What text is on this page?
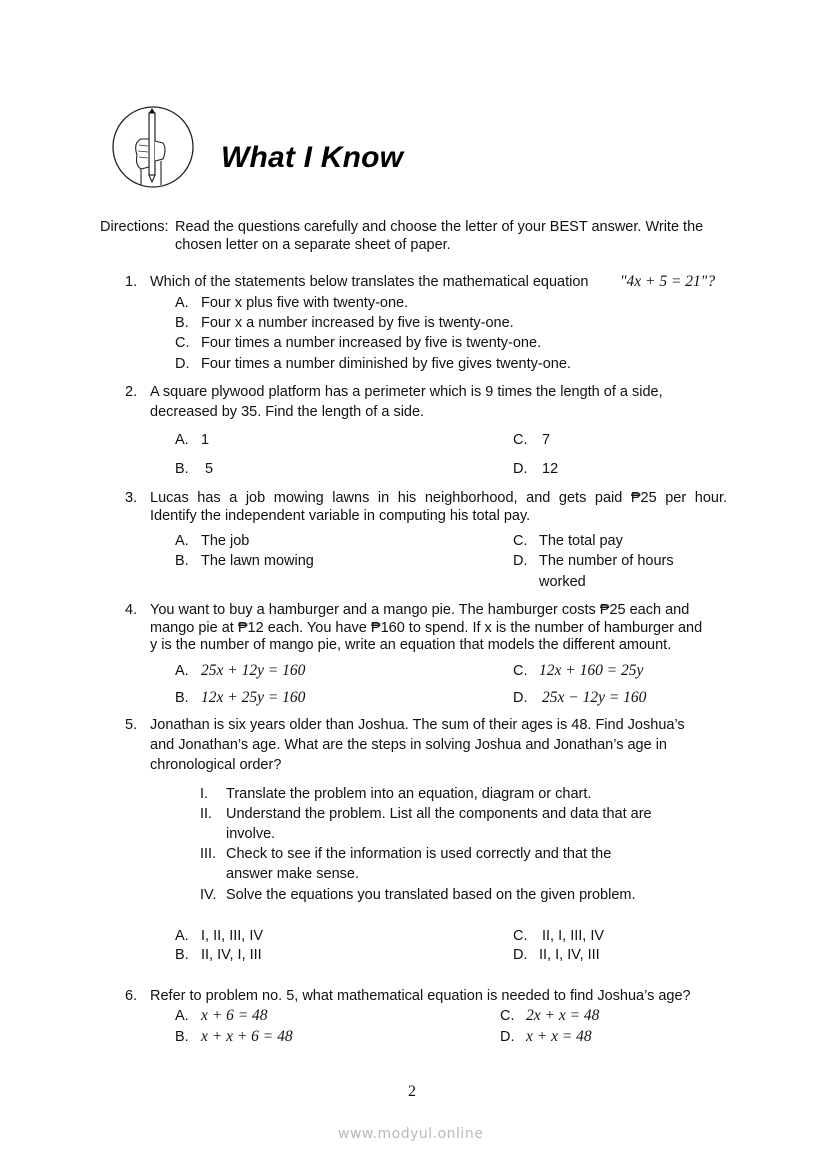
What I Know
Directions: Read the questions carefully and choose the letter of your BEST answer. Write the
chosen letter on a separate sheet of paper.
1. Which of the statements below translates the mathematical equation "4x + 5 = 21"?
A. Four x plus five with twenty-one.
B. Four x a number increased by five is twenty-one.
C. Four times a number increased by five is twenty-one.
D. Four times a number diminished by five gives twenty-one.
2. A square plywood platform has a perimeter which is 9 times the length of a side,
decreased by 35. Find the length of a side.
A. 1
B. 5
C. 7
D. 12
3. Lucas has a job mowing lawns in his neighborhood, and gets paid ₱25 per hour.
Identify the independent variable in computing his total pay.
A. The job
B. The lawn mowing
C. The total pay
D. The number of hours
worked
4. You want to buy a hamburger and a mango pie. The hamburger costs ₱25 each and
mango pie at ₱12 each. You have ₱160 to spend. If x is the number of hamburger and
y is the number of mango pie, write an equation that models the different amount.
A. 25x + 12y = 160
B. 12x + 25y = 160
C. 12x + 160 = 25y
D. 25x − 12y = 160
5. Jonathan is six years older than Joshua. The sum of their ages is 48. Find Joshua’s
and Jonathan’s age. What are the steps in solving Joshua and Jonathan’s age in
chronological order?
I. Translate the problem into an equation, diagram or chart.
II. Understand the problem. List all the components and data that are
involve.
III. Check to see if the information is used correctly and that the
answer make sense.
IV. Solve the equations you translated based on the given problem.
A. I, II, III, IV
B. II, IV, I, III
C. II, I, III, IV
D. II, I, IV, III
6. Refer to problem no. 5, what mathematical equation is needed to find Joshua’s age?
A. x + 6 = 48
B. x + x + 6 = 48
C. 2x + x = 48
D. x + x = 48
2
www.modyul.online
